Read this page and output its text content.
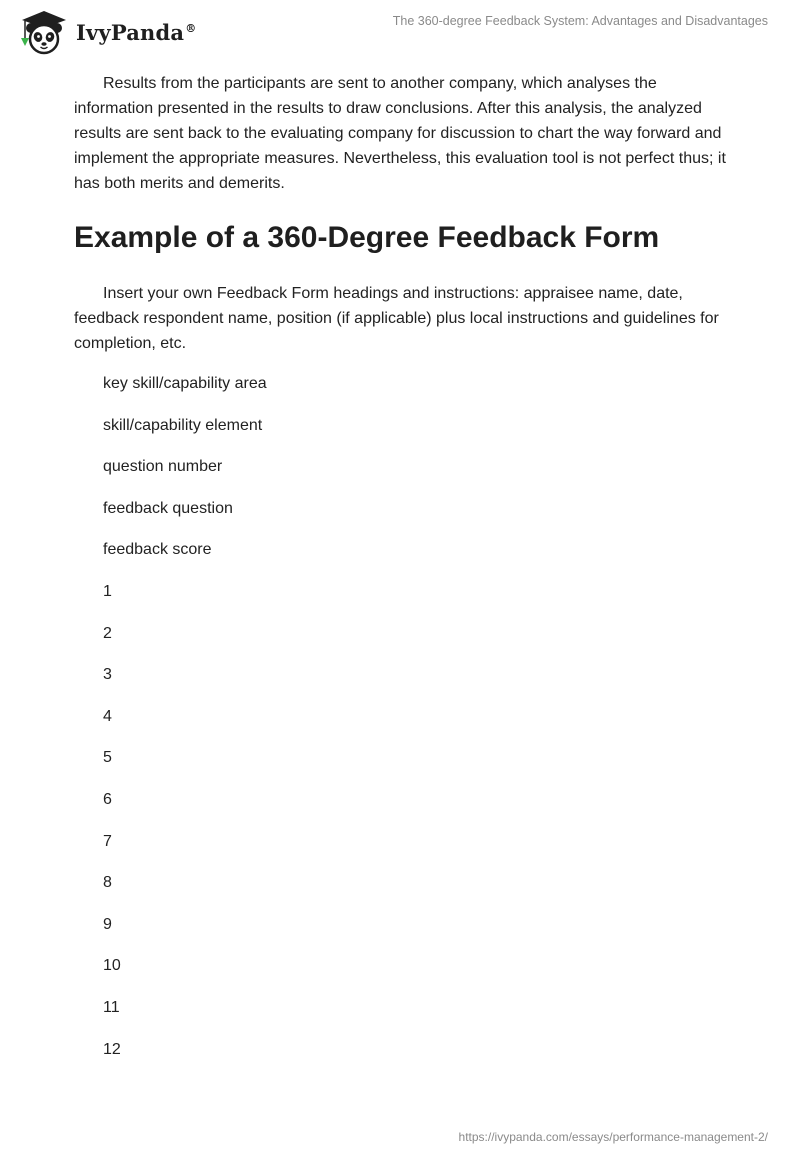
IvyPanda®	The 360-degree Feedback System: Advantages and Disadvantages

Results from the participants are sent to another company, which analyses the information presented in the results to draw conclusions. After this analysis, the analyzed results are sent back to the evaluating company for discussion to chart the way forward and implement the appropriate measures. Nevertheless, this evaluation tool is not perfect thus; it has both merits and demerits.

Example of a 360-Degree Feedback Form

Insert your own Feedback Form headings and instructions: appraisee name, date, feedback respondent name, position (if applicable) plus local instructions and guidelines for completion, etc.

key skill/capability area
skill/capability element
question number
feedback question
feedback score
1
2
3
4
5
6
7
8
9
10
11
12
https://ivypanda.com/essays/performance-management-2/
